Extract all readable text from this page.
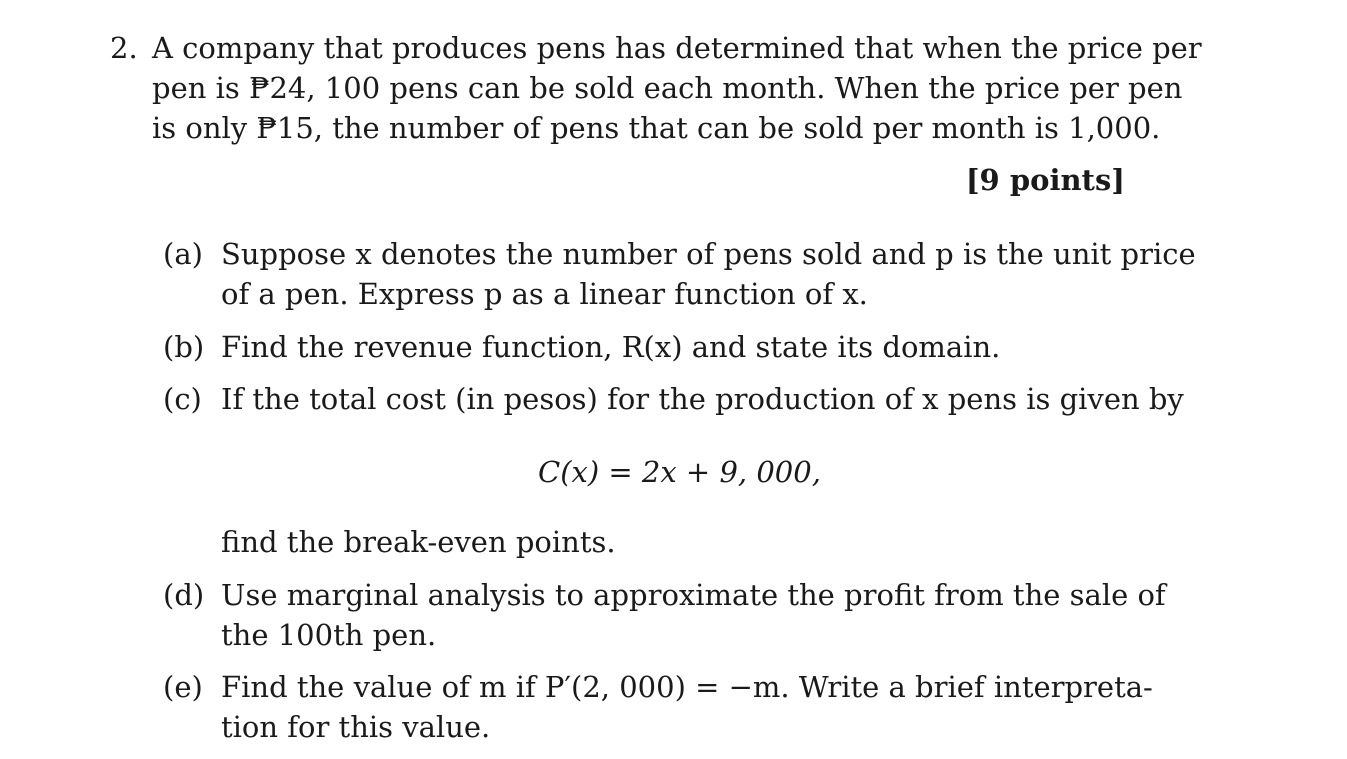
2. A company that produces pens has determined that when the price per
pen is ₱24, 100 pens can be sold each month. When the price per pen
is only ₱15, the number of pens that can be sold per month is 1,000.
[9 points]
(a) Suppose x denotes the number of pens sold and p is the unit price
of a pen. Express p as a linear function of x.
(b) Find the revenue function, R(x) and state its domain.
(c) If the total cost (in pesos) for the production of x pens is given by
C(x) = 2x + 9, 000,
find the break-even points.
(d) Use marginal analysis to approximate the profit from the sale of
the 100th pen.
(e) Find the value of m if P′(2, 000) = −m. Write a brief interpreta-
tion for this value.
